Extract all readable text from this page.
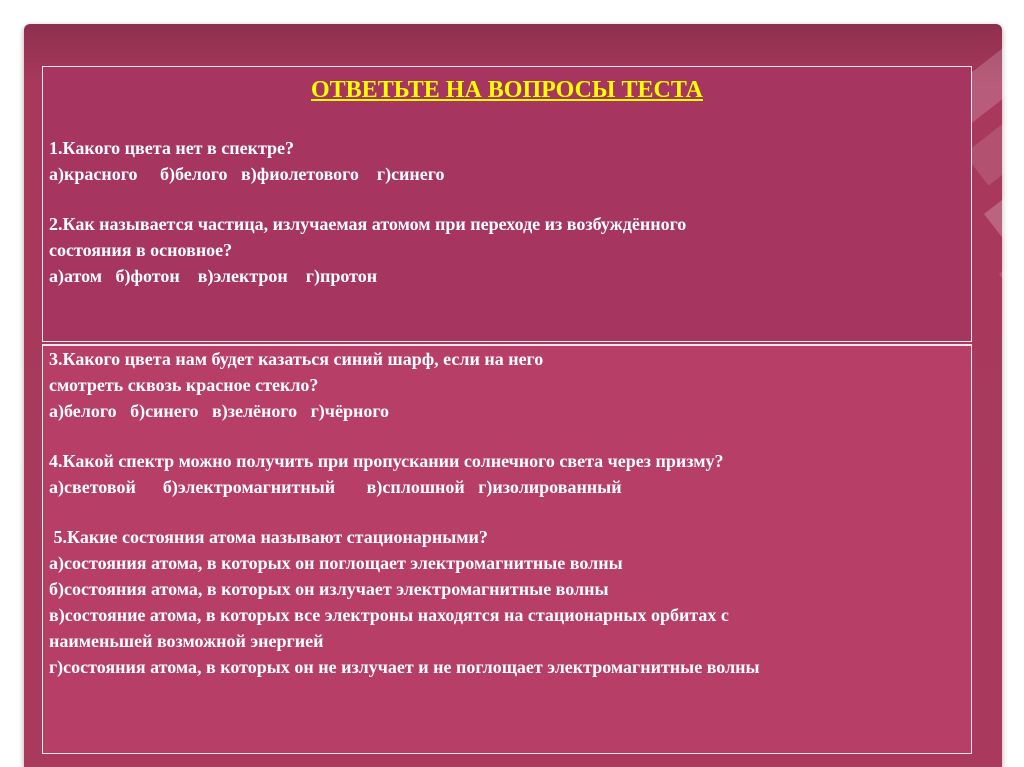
ОТВЕТЬТЕ НА ВОПРОСЫ ТЕСТА
1.Какого цвета нет в спектре?
а)красного     б)белого   в)фиолетового    г)синего
2.Как называется частица, излучаемая атомом при переходе из возбуждённого
состояния в основное?
а)атом   б)фотон    в)электрон    г)протон
3.Какого цвета нам будет казаться синий шарф, если на него
смотреть сквозь красное стекло?
а)белого   б)синего   в)зелёного   г)чёрного
4.Какой спектр можно получить при пропускании солнечного света через призму?
а)световой      б)электромагнитный       в)сплошной   г)изолированный
5.Какие состояния атома называют стационарными?
а)состояния атома, в которых он поглощает электромагнитные волны
б)состояния атома, в которых он излучает электромагнитные волны
в)состояние атома, в которых все электроны находятся на стационарных орбитах с
наименьшей возможной энергией
г)состояния атома, в которых он не излучает и не поглощает электромагнитные волны
